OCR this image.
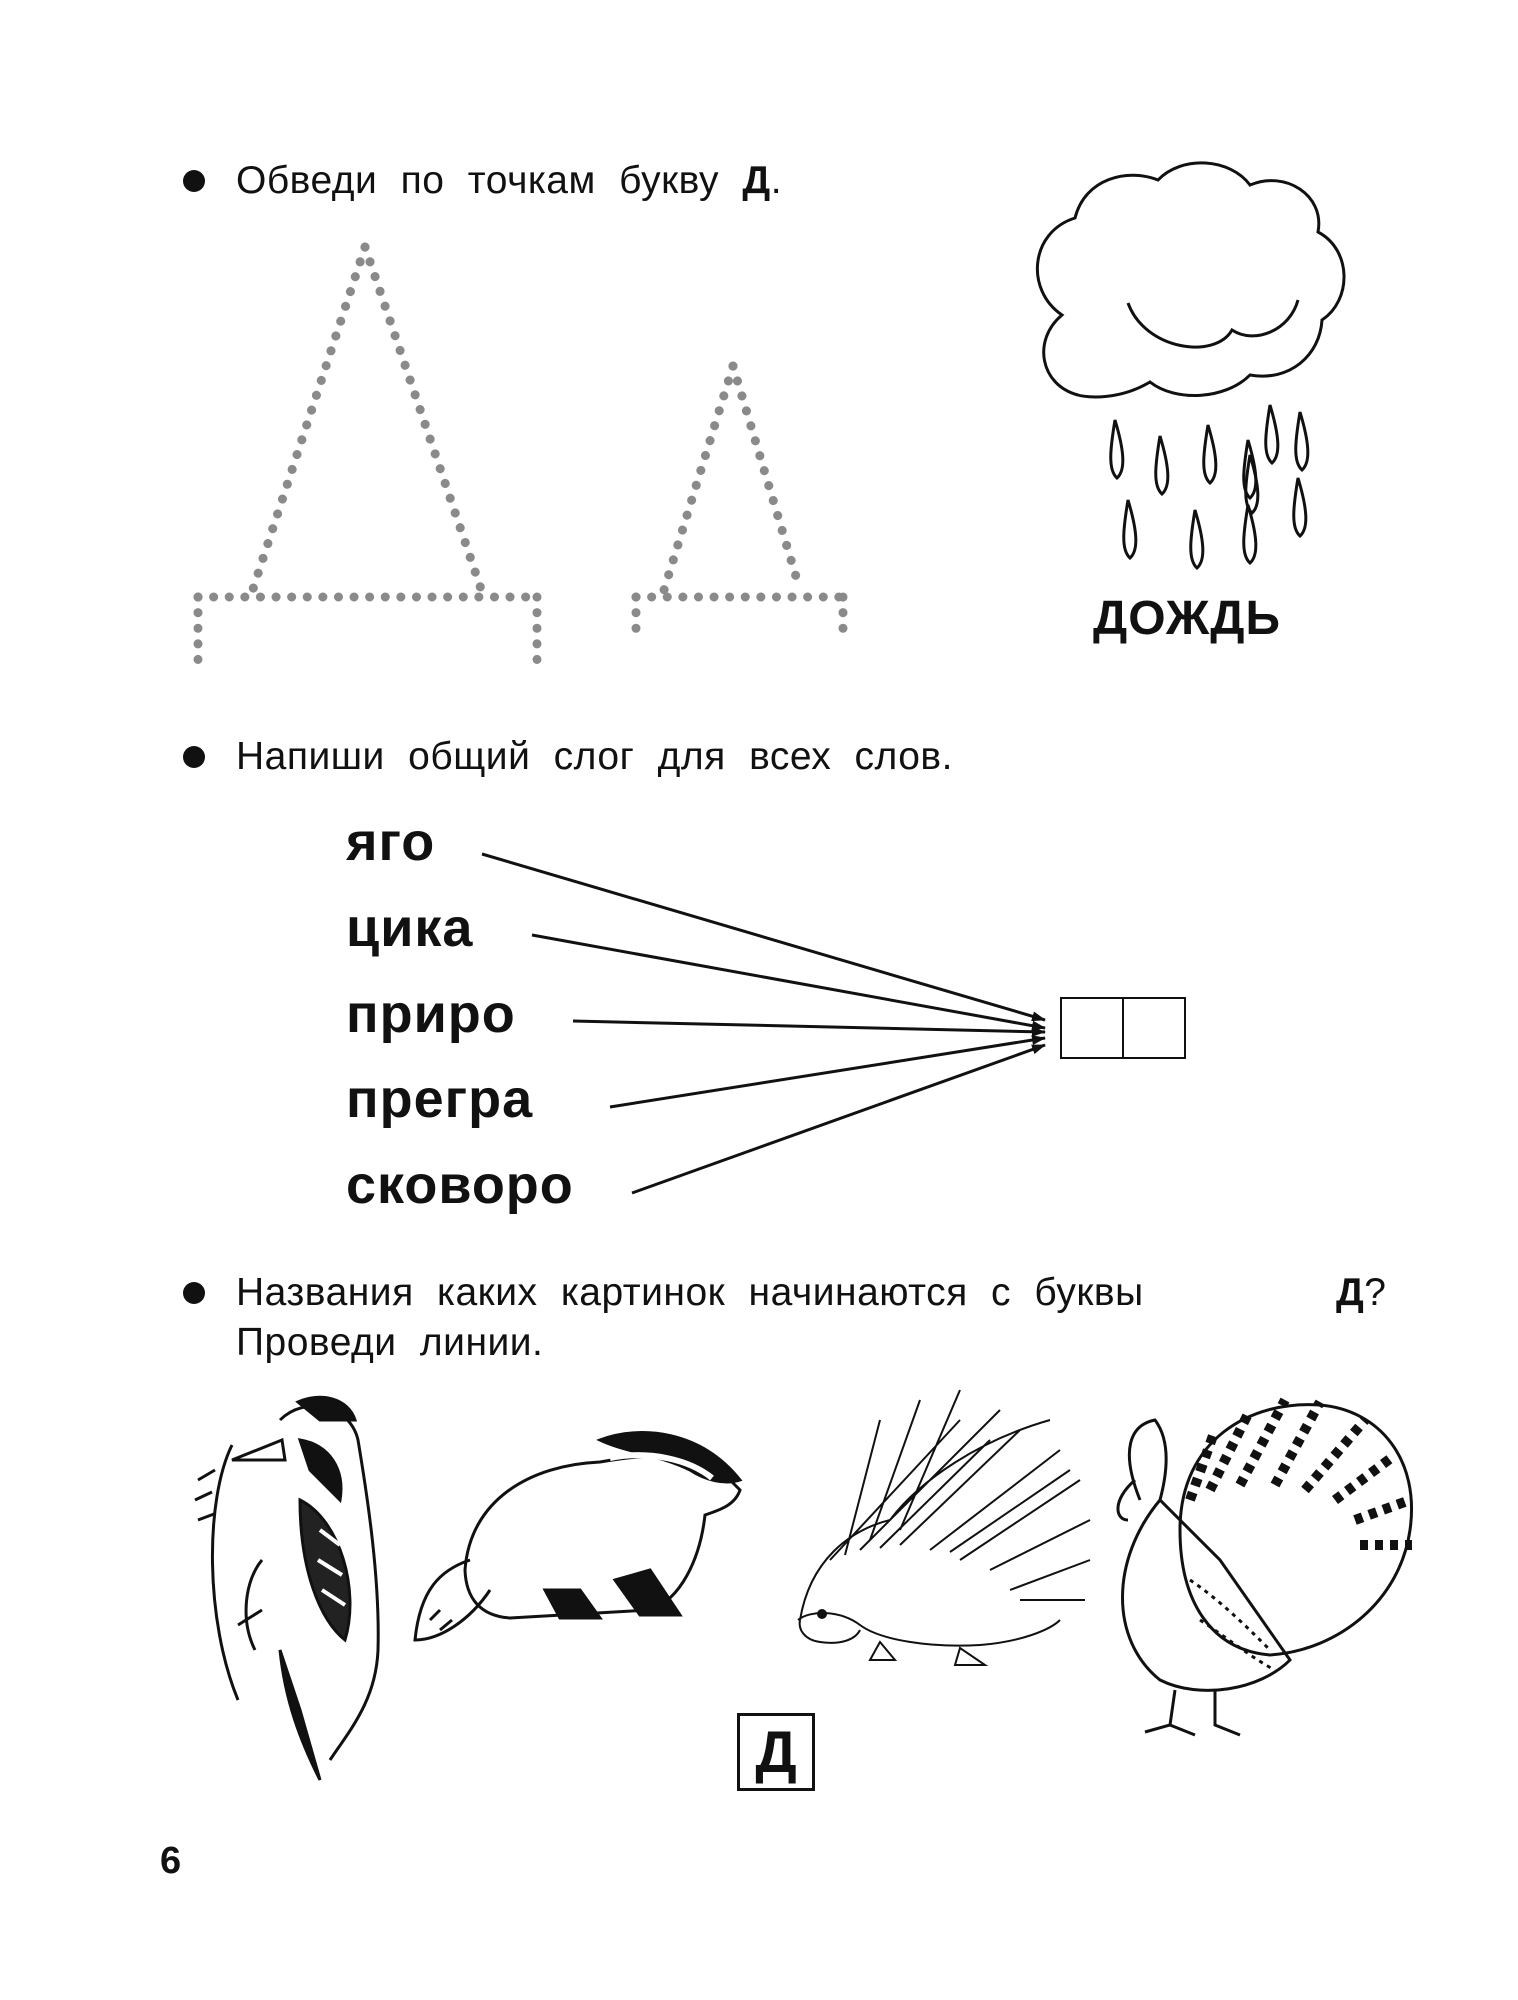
Обведи по точкам букву Д.
ДОЖДЬ
Напиши общий слог для всех слов.
яго
цика
приро
прегра
сковоро
Названия каких картинок начинаются с буквы	Д?
Проведи линии.
Д
6
